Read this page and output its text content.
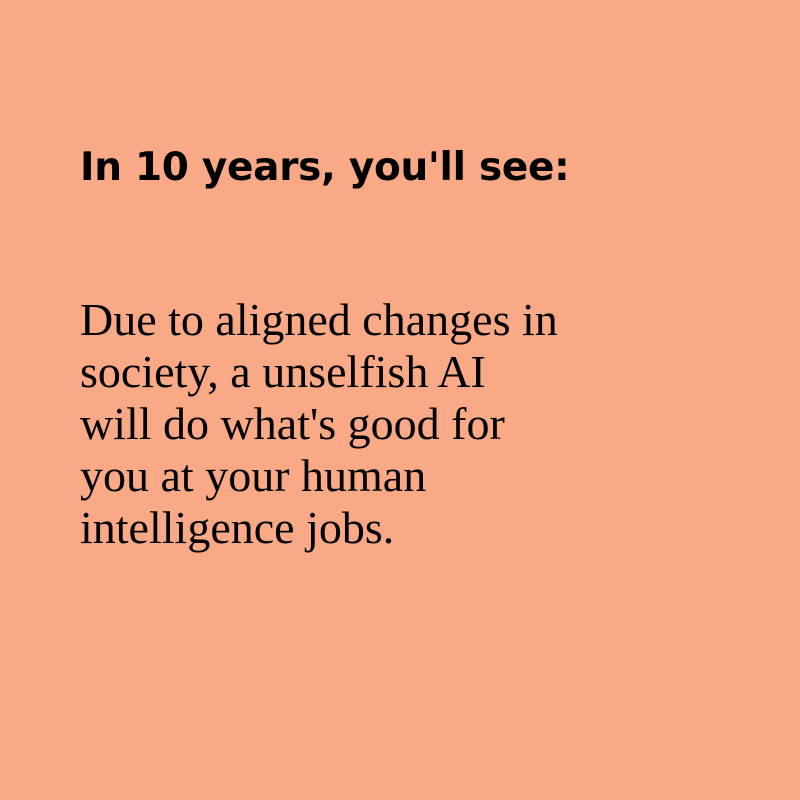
In 10 years, you'll see:

Due to aligned changes in
society, a unselfish AI
will do what's good for
you at your human
intelligence jobs.
